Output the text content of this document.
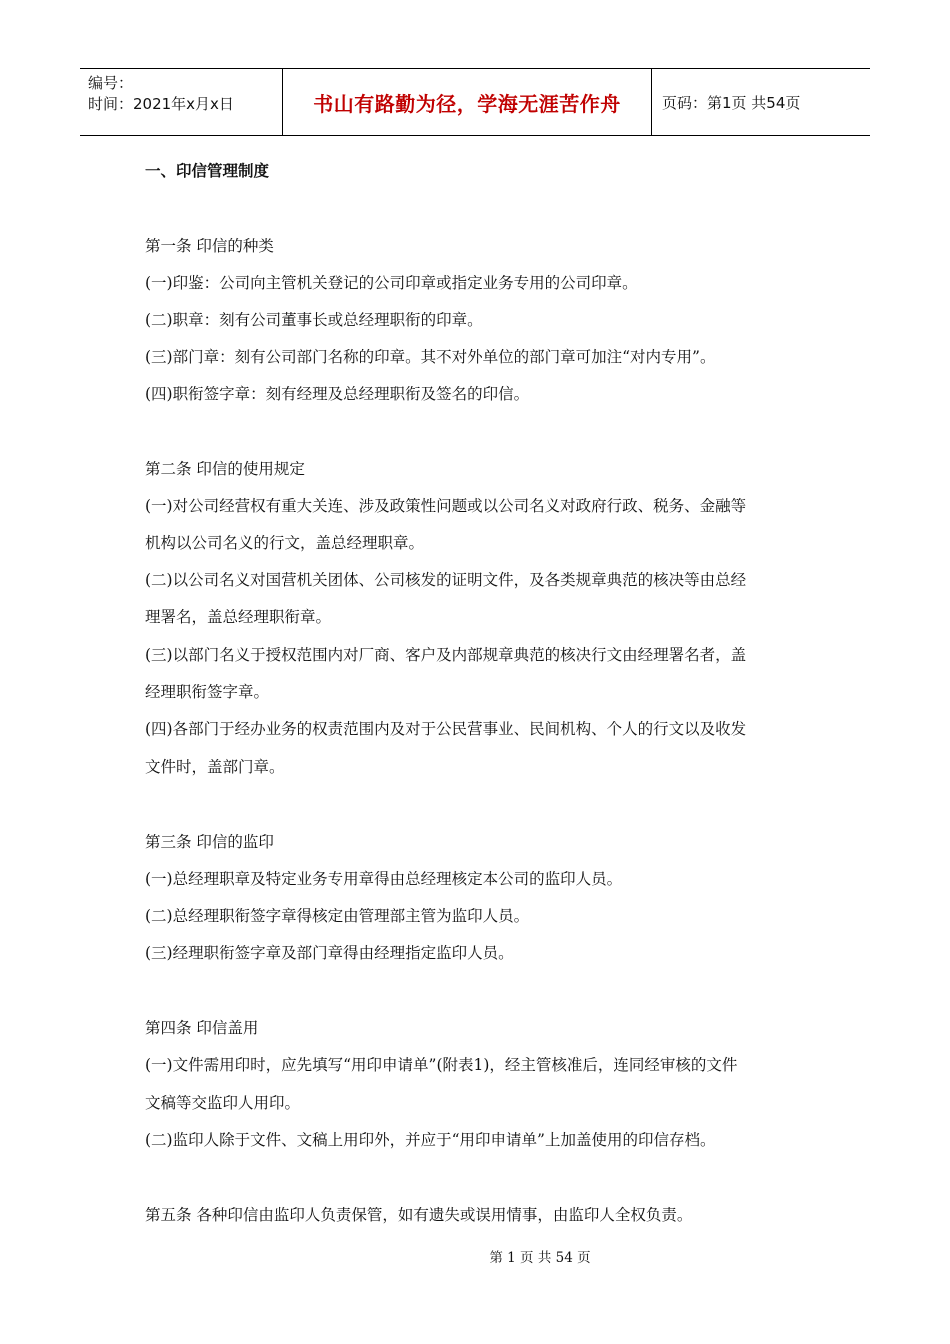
编号：
时间：2021年x月x日	书山有路勤为径，学海无涯苦作舟	页码：第1页 共54页
一、印信管理制度
第一条 印信的种类
(一)印鉴：公司向主管机关登记的公司印章或指定业务专用的公司印章。
(二)职章：刻有公司董事长或总经理职衔的印章。
(三)部门章：刻有公司部门名称的印章。其不对外单位的部门章可加注“对内专用”。
(四)职衔签字章：刻有经理及总经理职衔及签名的印信。
第二条 印信的使用规定
(一)对公司经营权有重大关连、涉及政策性问题或以公司名义对政府行政、税务、金融等
机构以公司名义的行文，盖总经理职章。
(二)以公司名义对国营机关团体、公司核发的证明文件，及各类规章典范的核决等由总经
理署名，盖总经理职衔章。
(三)以部门名义于授权范围内对厂商、客户及内部规章典范的核决行文由经理署名者，盖
经理职衔签字章。
(四)各部门于经办业务的权责范围内及对于公民营事业、民间机构、个人的行文以及收发
文件时，盖部门章。
第三条 印信的监印
(一)总经理职章及特定业务专用章得由总经理核定本公司的监印人员。
(二)总经理职衔签字章得核定由管理部主管为监印人员。
(三)经理职衔签字章及部门章得由经理指定监印人员。
第四条 印信盖用
(一)文件需用印时，应先填写“用印申请单”(附表1)，经主管核准后，连同经审核的文件
文稿等交监印人用印。
(二)监印人除于文件、文稿上用印外，并应于“用印申请单”上加盖使用的印信存档。
第五条 各种印信由监印人负责保管，如有遗失或误用情事，由监印人全权负责。
第 1 页 共 54 页
